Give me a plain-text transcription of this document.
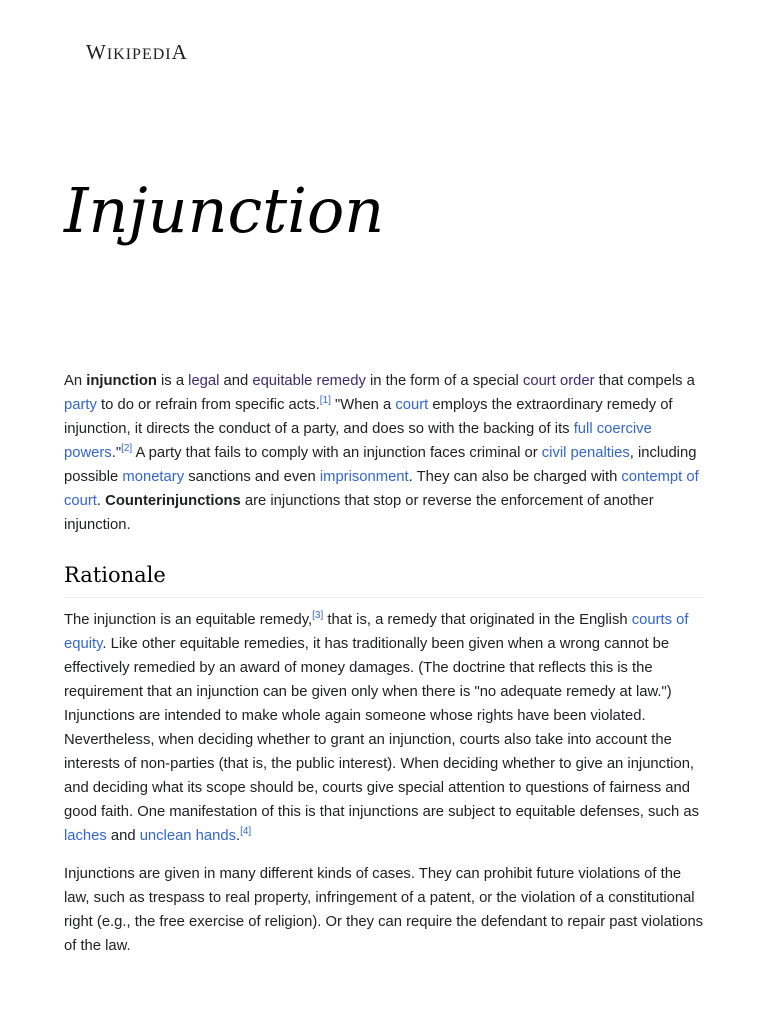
WIKIPEDIA
Injunction

An injunction is a legal and equitable remedy in the form of a special court order that compels a party to do or refrain from specific acts.[1] "When a court employs the extraordinary remedy of injunction, it directs the conduct of a party, and does so with the backing of its full coercive powers."[2] A party that fails to comply with an injunction faces criminal or civil penalties, including possible monetary sanctions and even imprisonment. They can also be charged with contempt of court. Counterinjunctions are injunctions that stop or reverse the enforcement of another injunction.

Rationale

The injunction is an equitable remedy,[3] that is, a remedy that originated in the English courts of equity. Like other equitable remedies, it has traditionally been given when a wrong cannot be effectively remedied by an award of money damages. (The doctrine that reflects this is the requirement that an injunction can be given only when there is "no adequate remedy at law.") Injunctions are intended to make whole again someone whose rights have been violated. Nevertheless, when deciding whether to grant an injunction, courts also take into account the interests of non-parties (that is, the public interest). When deciding whether to give an injunction, and deciding what its scope should be, courts give special attention to questions of fairness and good faith. One manifestation of this is that injunctions are subject to equitable defenses, such as laches and unclean hands.[4]

Injunctions are given in many different kinds of cases. They can prohibit future violations of the law, such as trespass to real property, infringement of a patent, or the violation of a constitutional right (e.g., the free exercise of religion). Or they can require the defendant to repair past violations of the law.
